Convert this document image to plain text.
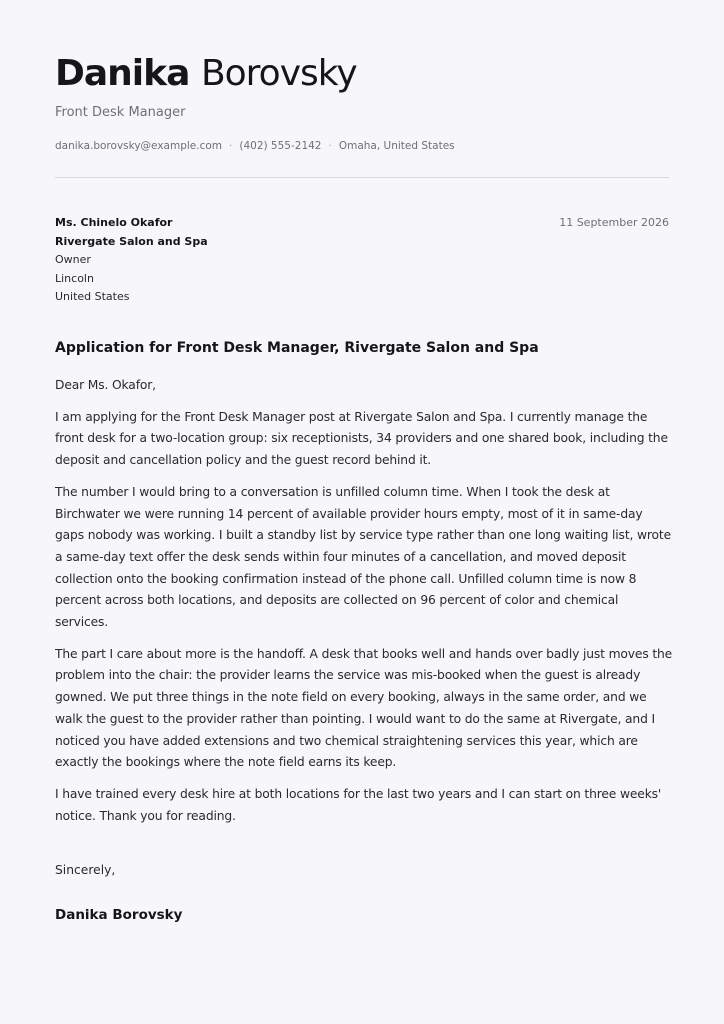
Danika Borovsky
Front Desk Manager
danika.borovsky@example.com · (402) 555-2142 · Omaha, United States
Ms. Chinelo Okafor
Rivergate Salon and Spa
Owner
Lincoln
United States
11 September 2026
Application for Front Desk Manager, Rivergate Salon and Spa

Dear Ms. Okafor,

I am applying for the Front Desk Manager post at Rivergate Salon and Spa. I currently manage the front desk for a two-location group: six receptionists, 34 providers and one shared book, including the deposit and cancellation policy and the guest record behind it.

The number I would bring to a conversation is unfilled column time. When I took the desk at Birchwater we were running 14 percent of available provider hours empty, most of it in same-day gaps nobody was working. I built a standby list by service type rather than one long waiting list, wrote a same-day text offer the desk sends within four minutes of a cancellation, and moved deposit collection onto the booking confirmation instead of the phone call. Unfilled column time is now 8 percent across both locations, and deposits are collected on 96 percent of color and chemical services.

The part I care about more is the handoff. A desk that books well and hands over badly just moves the problem into the chair: the provider learns the service was mis-booked when the guest is already gowned. We put three things in the note field on every booking, always in the same order, and we walk the guest to the provider rather than pointing. I would want to do the same at Rivergate, and I noticed you have added extensions and two chemical straightening services this year, which are exactly the bookings where the note field earns its keep.

I have trained every desk hire at both locations for the last two years and I can start on three weeks' notice. Thank you for reading.

Sincerely,
Danika Borovsky
